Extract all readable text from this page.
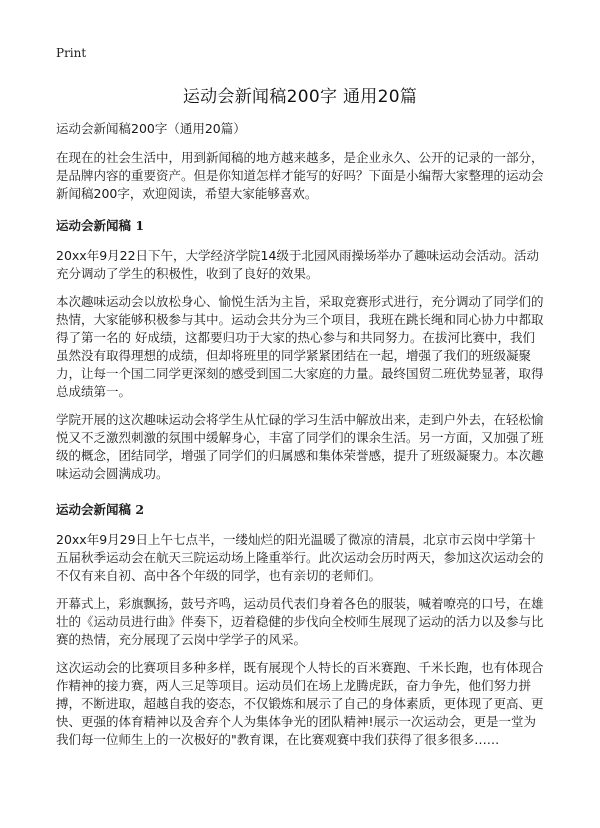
Print
运动会新闻稿200字 通用20篇
运动会新闻稿200字（通用20篇）

在现在的社会生活中，用到新闻稿的地方越来越多，是企业永久、公开的记录的一部分，是品牌内容的重要资产。但是你知道怎样才能写的好吗？下面是小编帮大家整理的运动会新闻稿200字，欢迎阅读，希望大家能够喜欢。

运动会新闻稿 1

20xx年9月22日下午，大学经济学院14级于北园风雨操场举办了趣味运动会活动。活动充分调动了学生的积极性，收到了良好的效果。

本次趣味运动会以放松身心、愉悦生活为主旨，采取竞赛形式进行，充分调动了同学们的热情，大家能够积极参与其中。运动会共分为三个项目，我班在跳长绳和同心协力中都取得了第一名的 好成绩，这都要归功于大家的热心参与和共同努力。在拔河比赛中，我们虽然没有取得理想的成绩，但却将班里的同学紧紧团结在一起，增强了我们的班级凝聚力，让每一个国二同学更深刻的感受到国二大家庭的力量。最终国贸二班优势显著，取得总成绩第一。

学院开展的这次趣味运动会将学生从忙碌的学习生活中解放出来，走到户外去，在轻松愉悦又不乏激烈刺激的氛围中缓解身心，丰富了同学们的课余生活。另一方面，又加强了班级的概念，团结同学，增强了同学们的归属感和集体荣誉感，提升了班级凝聚力。本次趣味运动会圆满成功。

运动会新闻稿 2

20xx年9月29日上午七点半，一缕灿烂的阳光温暖了微凉的清晨，北京市云岗中学第十五届秋季运动会在航天三院运动场上隆重举行。此次运动会历时两天，参加这次运动会的不仅有来自初、高中各个年级的同学，也有亲切的老师们。

开幕式上，彩旗飘扬，鼓号齐鸣，运动员代表们身着各色的服装，喊着嘹亮的口号，在雄壮的《运动员进行曲》伴奏下，迈着稳健的步伐向全校师生展现了运动的活力以及参与比赛的热情，充分展现了云岗中学学子的风采。

这次运动会的比赛项目多种多样，既有展现个人特长的百米赛跑、千米长跑，也有体现合作精神的接力赛，两人三足等项目。运动员们在场上龙腾虎跃，奋力争先，他们努力拼搏，不断进取，超越自我的姿态，不仅锻炼和展示了自己的身体素质，更体现了更高、更快、更强的体育精神以及舍弃个人为集体争光的团队精神!展示一次运动会，更是一堂为我们每一位师生上的一次极好的"教育课，在比赛观赛中我们获得了很多很多……
